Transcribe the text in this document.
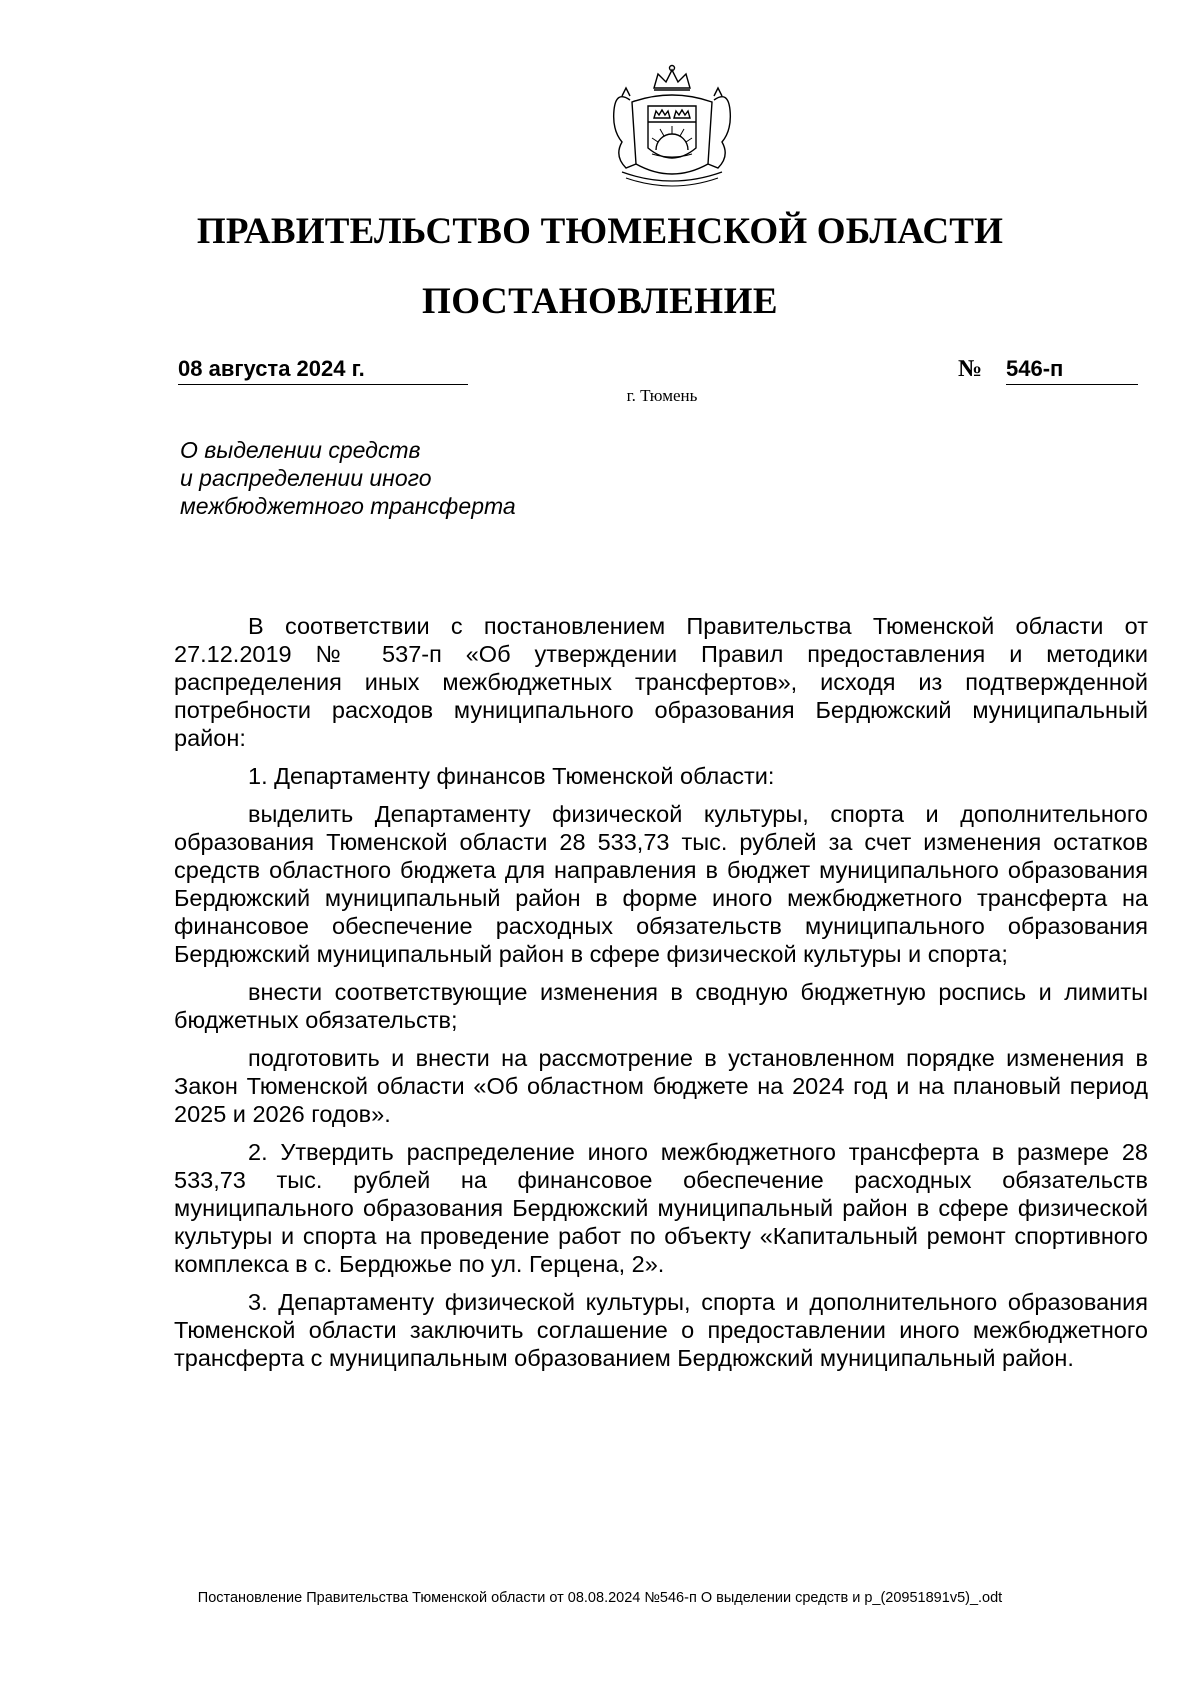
ПРАВИТЕЛЬСТВО ТЮМЕНСКОЙ ОБЛАСТИ
ПОСТАНОВЛЕНИЕ
08 августа 2024 г.	№ 546-п
г. Тюмень
О выделении средств
и распределении иного
межбюджетного трансферта

В соответствии с постановлением Правительства Тюменской области от 27.12.2019 № 537-п «Об утверждении Правил предоставления и методики распределения иных межбюджетных трансфертов», исходя из подтвержденной потребности расходов муниципального образования Бердюжский муниципальный район:

1. Департаменту финансов Тюменской области:

выделить Департаменту физической культуры, спорта и дополнительного образования Тюменской области 28 533,73 тыс. рублей за счет изменения остатков средств областного бюджета для направления в бюджет муниципального образования Бердюжский муниципальный район в форме иного межбюджетного трансферта на финансовое обеспечение расходных обязательств муниципального образования Бердюжский муниципальный район в сфере физической культуры и спорта;

внести соответствующие изменения в сводную бюджетную роспись и лимиты бюджетных обязательств;

подготовить и внести на рассмотрение в установленном порядке изменения в Закон Тюменской области «Об областном бюджете на 2024 год и на плановый период 2025 и 2026 годов».

2. Утвердить распределение иного межбюджетного трансферта в размере 28 533,73 тыс. рублей на финансовое обеспечение расходных обязательств муниципального образования Бердюжский муниципальный район в сфере физической культуры и спорта на проведение работ по объекту «Капитальный ремонт спортивного комплекса в с. Бердюжье по ул. Герцена, 2».

3. Департаменту физической культуры, спорта и дополнительного образования Тюменской области заключить соглашение о предоставлении иного межбюджетного трансферта с муниципальным образованием Бердюжский муниципальный район.

Постановление Правительства Тюменской области от 08.08.2024 №546-п О выделении средств и р_(20951891v5)_.odt
